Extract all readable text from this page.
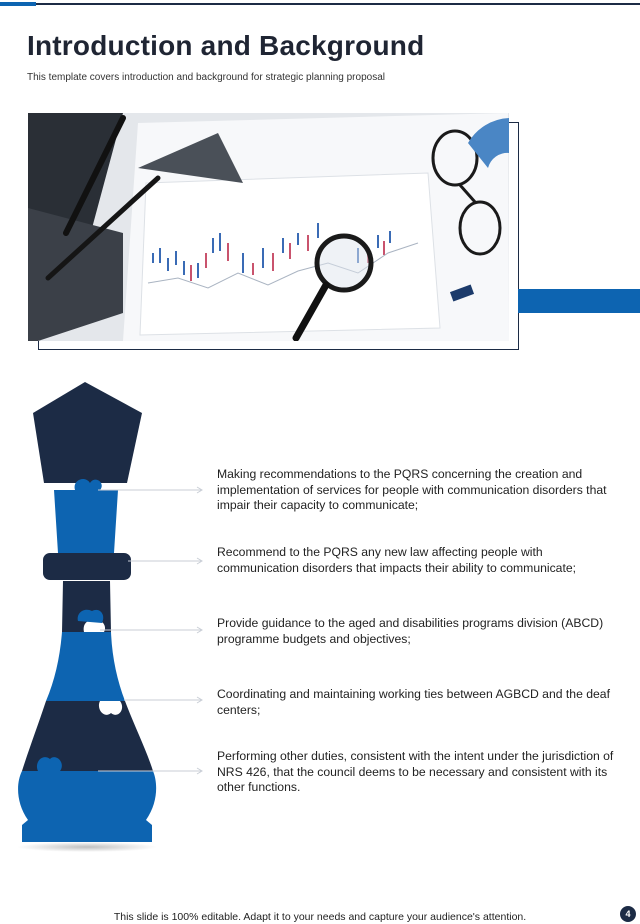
Introduction and Background
This template covers introduction and background for strategic planning proposal

Making recommendations to the PQRS concerning the creation and implementation of services for people with communication disorders that impair their capacity to communicate;

Recommend to the PQRS any new law affecting people with communication disorders that impacts their ability to communicate;

Provide guidance to the aged and disabilities programs division (ABCD) programme budgets and objectives;

Coordinating and maintaining working ties between AGBCD and the deaf centers;

Performing other duties, consistent with the intent under the jurisdiction of NRS 426, that the council deems to be necessary and consistent with its other functions.

This slide is 100% editable. Adapt it to your needs and capture your audience's attention.	4
